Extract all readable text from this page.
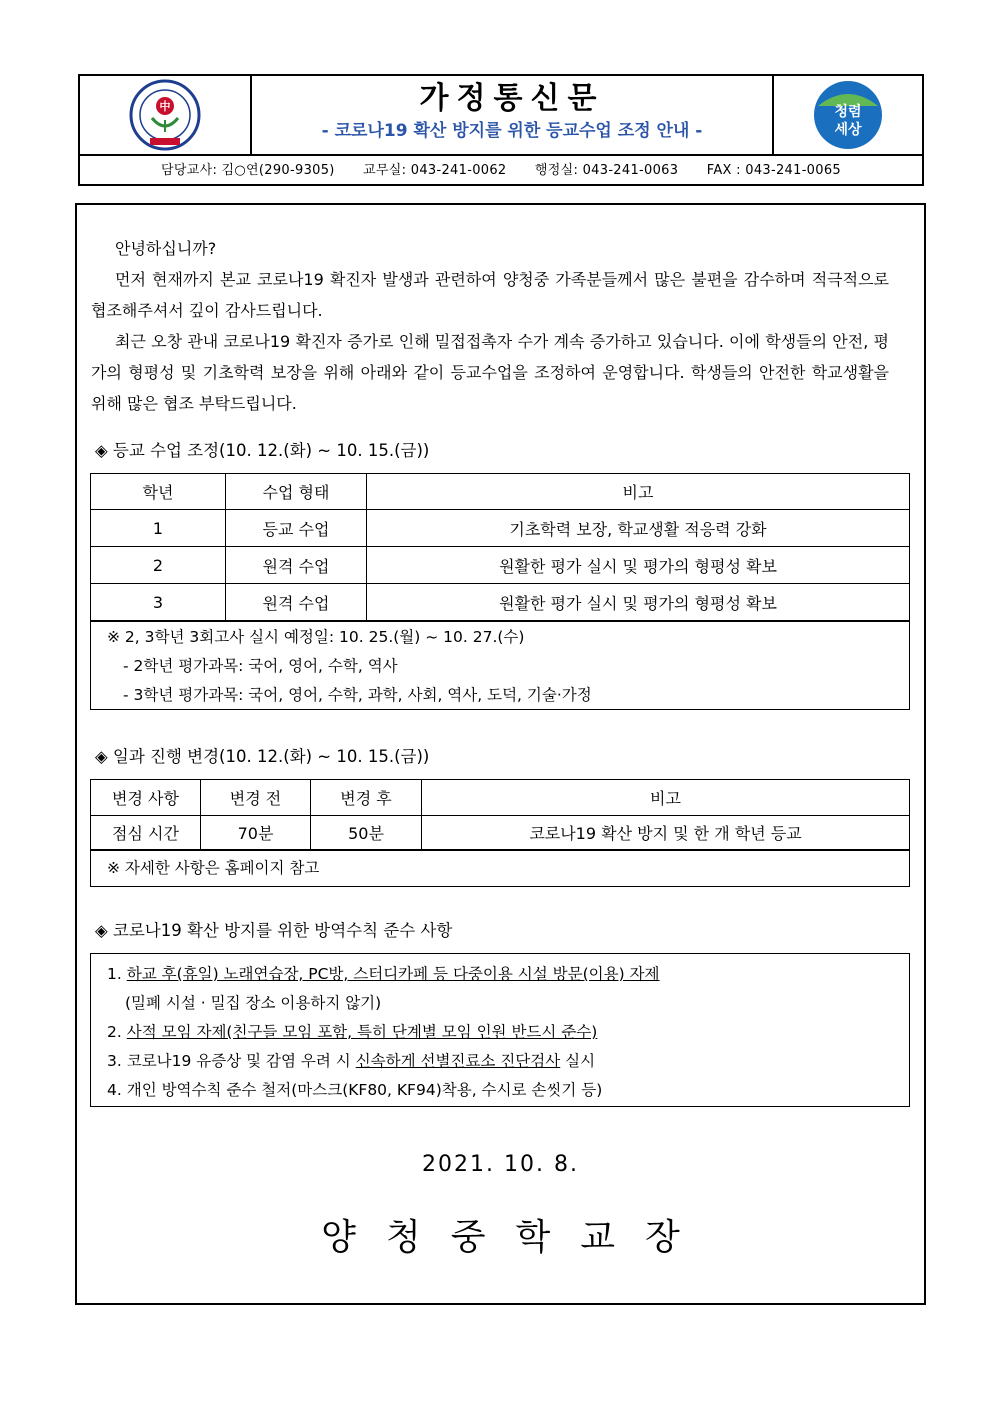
中	가정통신문
- 코로나19 확산 방지를 위한 등교수업 조정 안내 -
청렴
세상
담당교사: 김○연(290-9305) 교무실: 043-241-0062 행정실: 043-241-0063 FAX : 043-241-0065

안녕하십니까?

먼저 현재까지 본교 코로나19 확진자 발생과 관련하여 양청중 가족분들께서 많은 불편을 감수하며 적극적으로 협조해주셔서 깊이 감사드립니다.

최근 오창 관내 코로나19 확진자 증가로 인해 밀접접촉자 수가 계속 증가하고 있습니다. 이에 학생들의 안전, 평가의 형평성 및 기초학력 보장을 위해 아래와 같이 등교수업을 조정하여 운영합니다. 학생들의 안전한 학교생활을 위해 많은 협조 부탁드립니다.

◈ 등교 수업 조정(10. 12.(화) ~ 10. 15.(금))
학년	수업 형태	비고
1	등교 수업	기초학력 보장, 학교생활 적응력 강화
2	원격 수업	원활한 평가 실시 및 평가의 형평성 확보
3	원격 수업	원활한 평가 실시 및 평가의 형평성 확보
※ 2, 3학년 3회고사 실시 예정일: 10. 25.(월) ~ 10. 27.(수)
- 2학년 평가과목: 국어, 영어, 수학, 역사
- 3학년 평가과목: 국어, 영어, 수학, 과학, 사회, 역사, 도덕, 기술·가정
◈ 일과 진행 변경(10. 12.(화) ~ 10. 15.(금))
변경 사항	변경 전	변경 후	비고
점심 시간	70분	50분	코로나19 확산 방지 및 한 개 학년 등교
※ 자세한 사항은 홈페이지 참고
◈ 코로나19 확산 방지를 위한 방역수칙 준수 사항
1. 하교 후(휴일) 노래연습장, PC방, 스터디카페 등 다중이용 시설 방문(이용) 자제
(밀폐 시설 · 밀집 장소 이용하지 않기)
2. 사적 모임 자제(친구들 모임 포함, 특히 단계별 모임 인원 반드시 준수)
3. 코로나19 유증상 및 감염 우려 시 신속하게 선별진료소 진단검사 실시
4. 개인 방역수칙 준수 철저(마스크(KF80, KF94)착용, 수시로 손씻기 등)
2021. 10. 8.
양청중학교장
